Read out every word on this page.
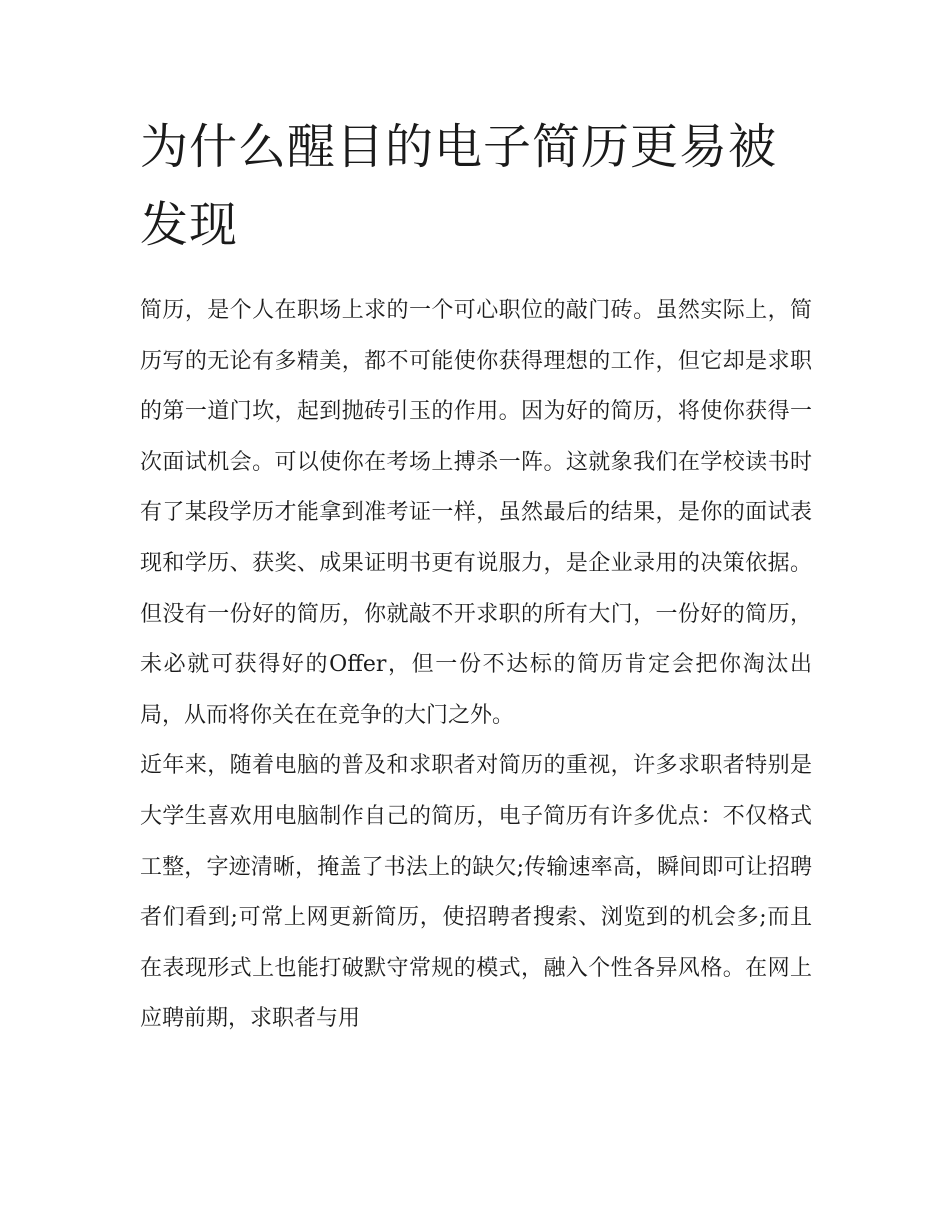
为什么醒目的电子简历更易被发现

简历，是个人在职场上求的一个可心职位的敲门砖。虽然实际上，简历写的无论有多精美，都不可能使你获得理想的工作，但它却是求职的第一道门坎，起到抛砖引玉的作用。因为好的简历，将使你获得一次面试机会。可以使你在考场上搏杀一阵。这就象我们在学校读书时有了某段学历才能拿到准考证一样，虽然最后的结果，是你的面试表现和学历、获奖、成果证明书更有说服力，是企业录用的决策依据。但没有一份好的简历，你就敲不开求职的所有大门，一份好的简历，未必就可获得好的Offer，但一份不达标的简历肯定会把你淘汰出局，从而将你关在在竞争的大门之外。

近年来，随着电脑的普及和求职者对简历的重视，许多求职者特别是大学生喜欢用电脑制作自己的简历，电子简历有许多优点：不仅格式工整，字迹清晰，掩盖了书法上的缺欠;传输速率高，瞬间即可让招聘者们看到;可常上网更新简历，使招聘者搜索、浏览到的机会多;而且在表现形式上也能打破默守常规的模式，融入个性各异风格。在网上应聘前期，求职者与用
